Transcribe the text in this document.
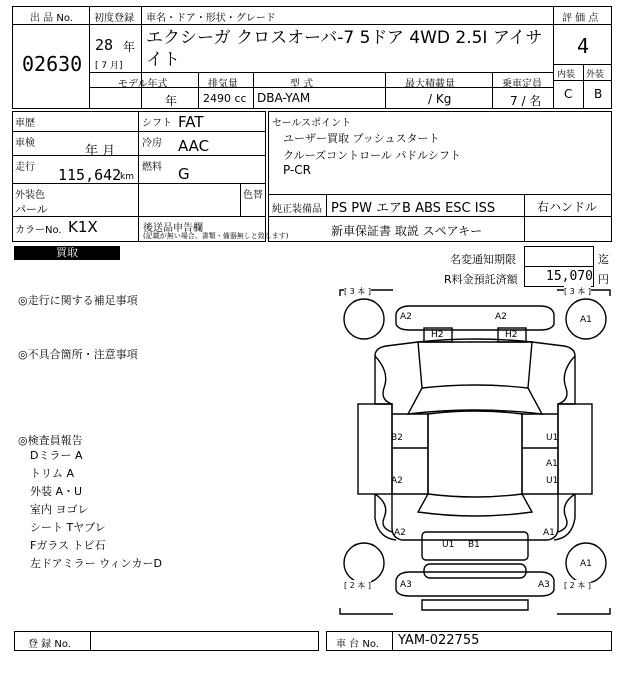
出 品 No.
02630
初度登録
28 年
[ 7 月]
車名・ドア・形状・グレード
エクシーガ クロスオーバ-7 5ドア 4WD 2.5I アイサイト
評 価 点
4
内装 外装
C B
モデル年式
年
排気量
2490 cc
型 式
DBA-YAM
最大積載量
/ Kg
乗車定員
7 / 名
車歴	シフト FAT
車検
年 月
冷房 AAC
走行 115,642
km
燃料 G
外装色
パール
色替
カラーNo. K1X	後送品申告欄
(記載が無い場合、書類・備器無しと致します)
セールスポイント
ユーザー買取 プッシュスタート
クルーズコントロール パドルシフト
P-CR
純正装備品 PS PW エアB ABS ESC ISS	右ハンドル
新車保証書 取説 スペアキー
買取
名変通知期限	迄
R料金預託済額 15,070 円
◎走行に関する補足事項
◎不具合箇所・注意事項
◎検査員報告
Dミラー A
トリム A
外装 A・U
室内 ヨゴレ
シート Tヤブレ
Fガラス トビ石
左ドアミラー ウィンカーD
[ 3 本 ]	[ 3 本 ]
[ 2 本 ]	[ 2 本 ]
A2	A2
H2	H2
A1
B2	U1
A1
U1
A2
A2	A1
U1 B1
A1
A3	A3
登 録 No.	車 台 No. YAM-022755
